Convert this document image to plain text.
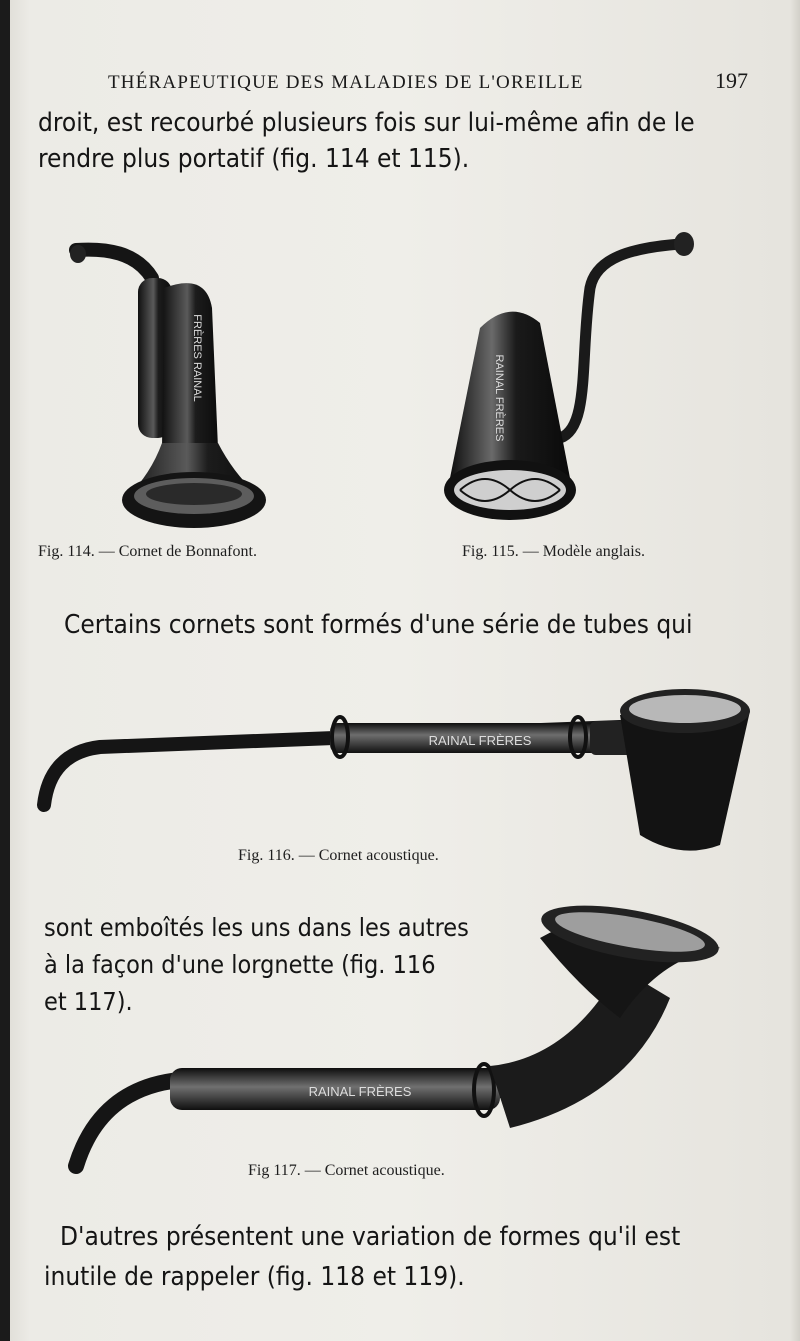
THÉRAPEUTIQUE DES MALADIES DE L'OREILLE	197
droit, est recourbé plusieurs fois sur lui-même afin de le
rendre plus portatif (fig. 114 et 115).
FRÈRES RAINAL
Fig. 114. — Cornet de Bonnafont.
RAINAL FRÈRES
Fig. 115. — Modèle anglais.
Certains cornets sont formés d'une série de tubes qui
RAINAL FRÈRES
Fig. 116. — Cornet acoustique.
RAINAL FRÈRES
sont emboîtés les uns dans les autres
à la façon d'une lorgnette (fig. 116
et 117).
Fig 117. — Cornet acoustique.
D'autres présentent une variation de formes qu'il est
inutile de rappeler (fig. 118 et 119).
